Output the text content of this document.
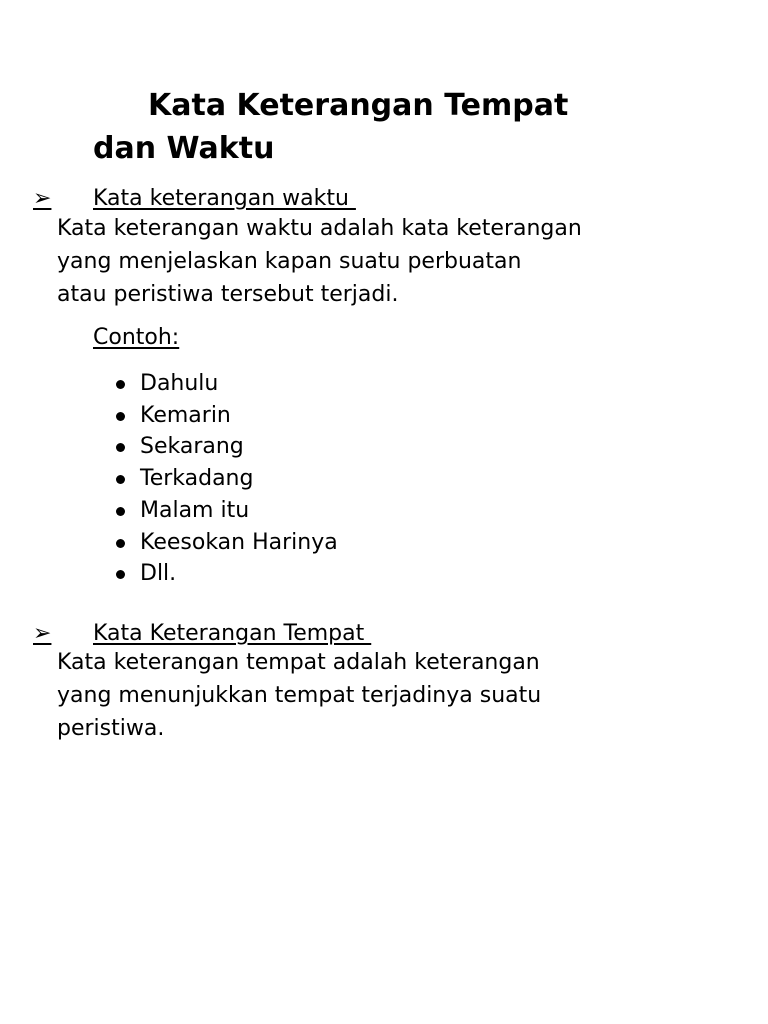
Kata Keterangan Tempat
dan Waktu
➢ Kata keterangan waktu
Kata keterangan waktu adalah kata keterangan
yang menjelaskan kapan suatu perbuatan
atau peristiwa tersebut terjadi.
Contoh:
Dahulu
Kemarin
Sekarang
Terkadang
Malam itu
Keesokan Harinya
Dll.
➢ Kata Keterangan Tempat
Kata keterangan tempat adalah keterangan
yang menunjukkan tempat terjadinya suatu
peristiwa.
